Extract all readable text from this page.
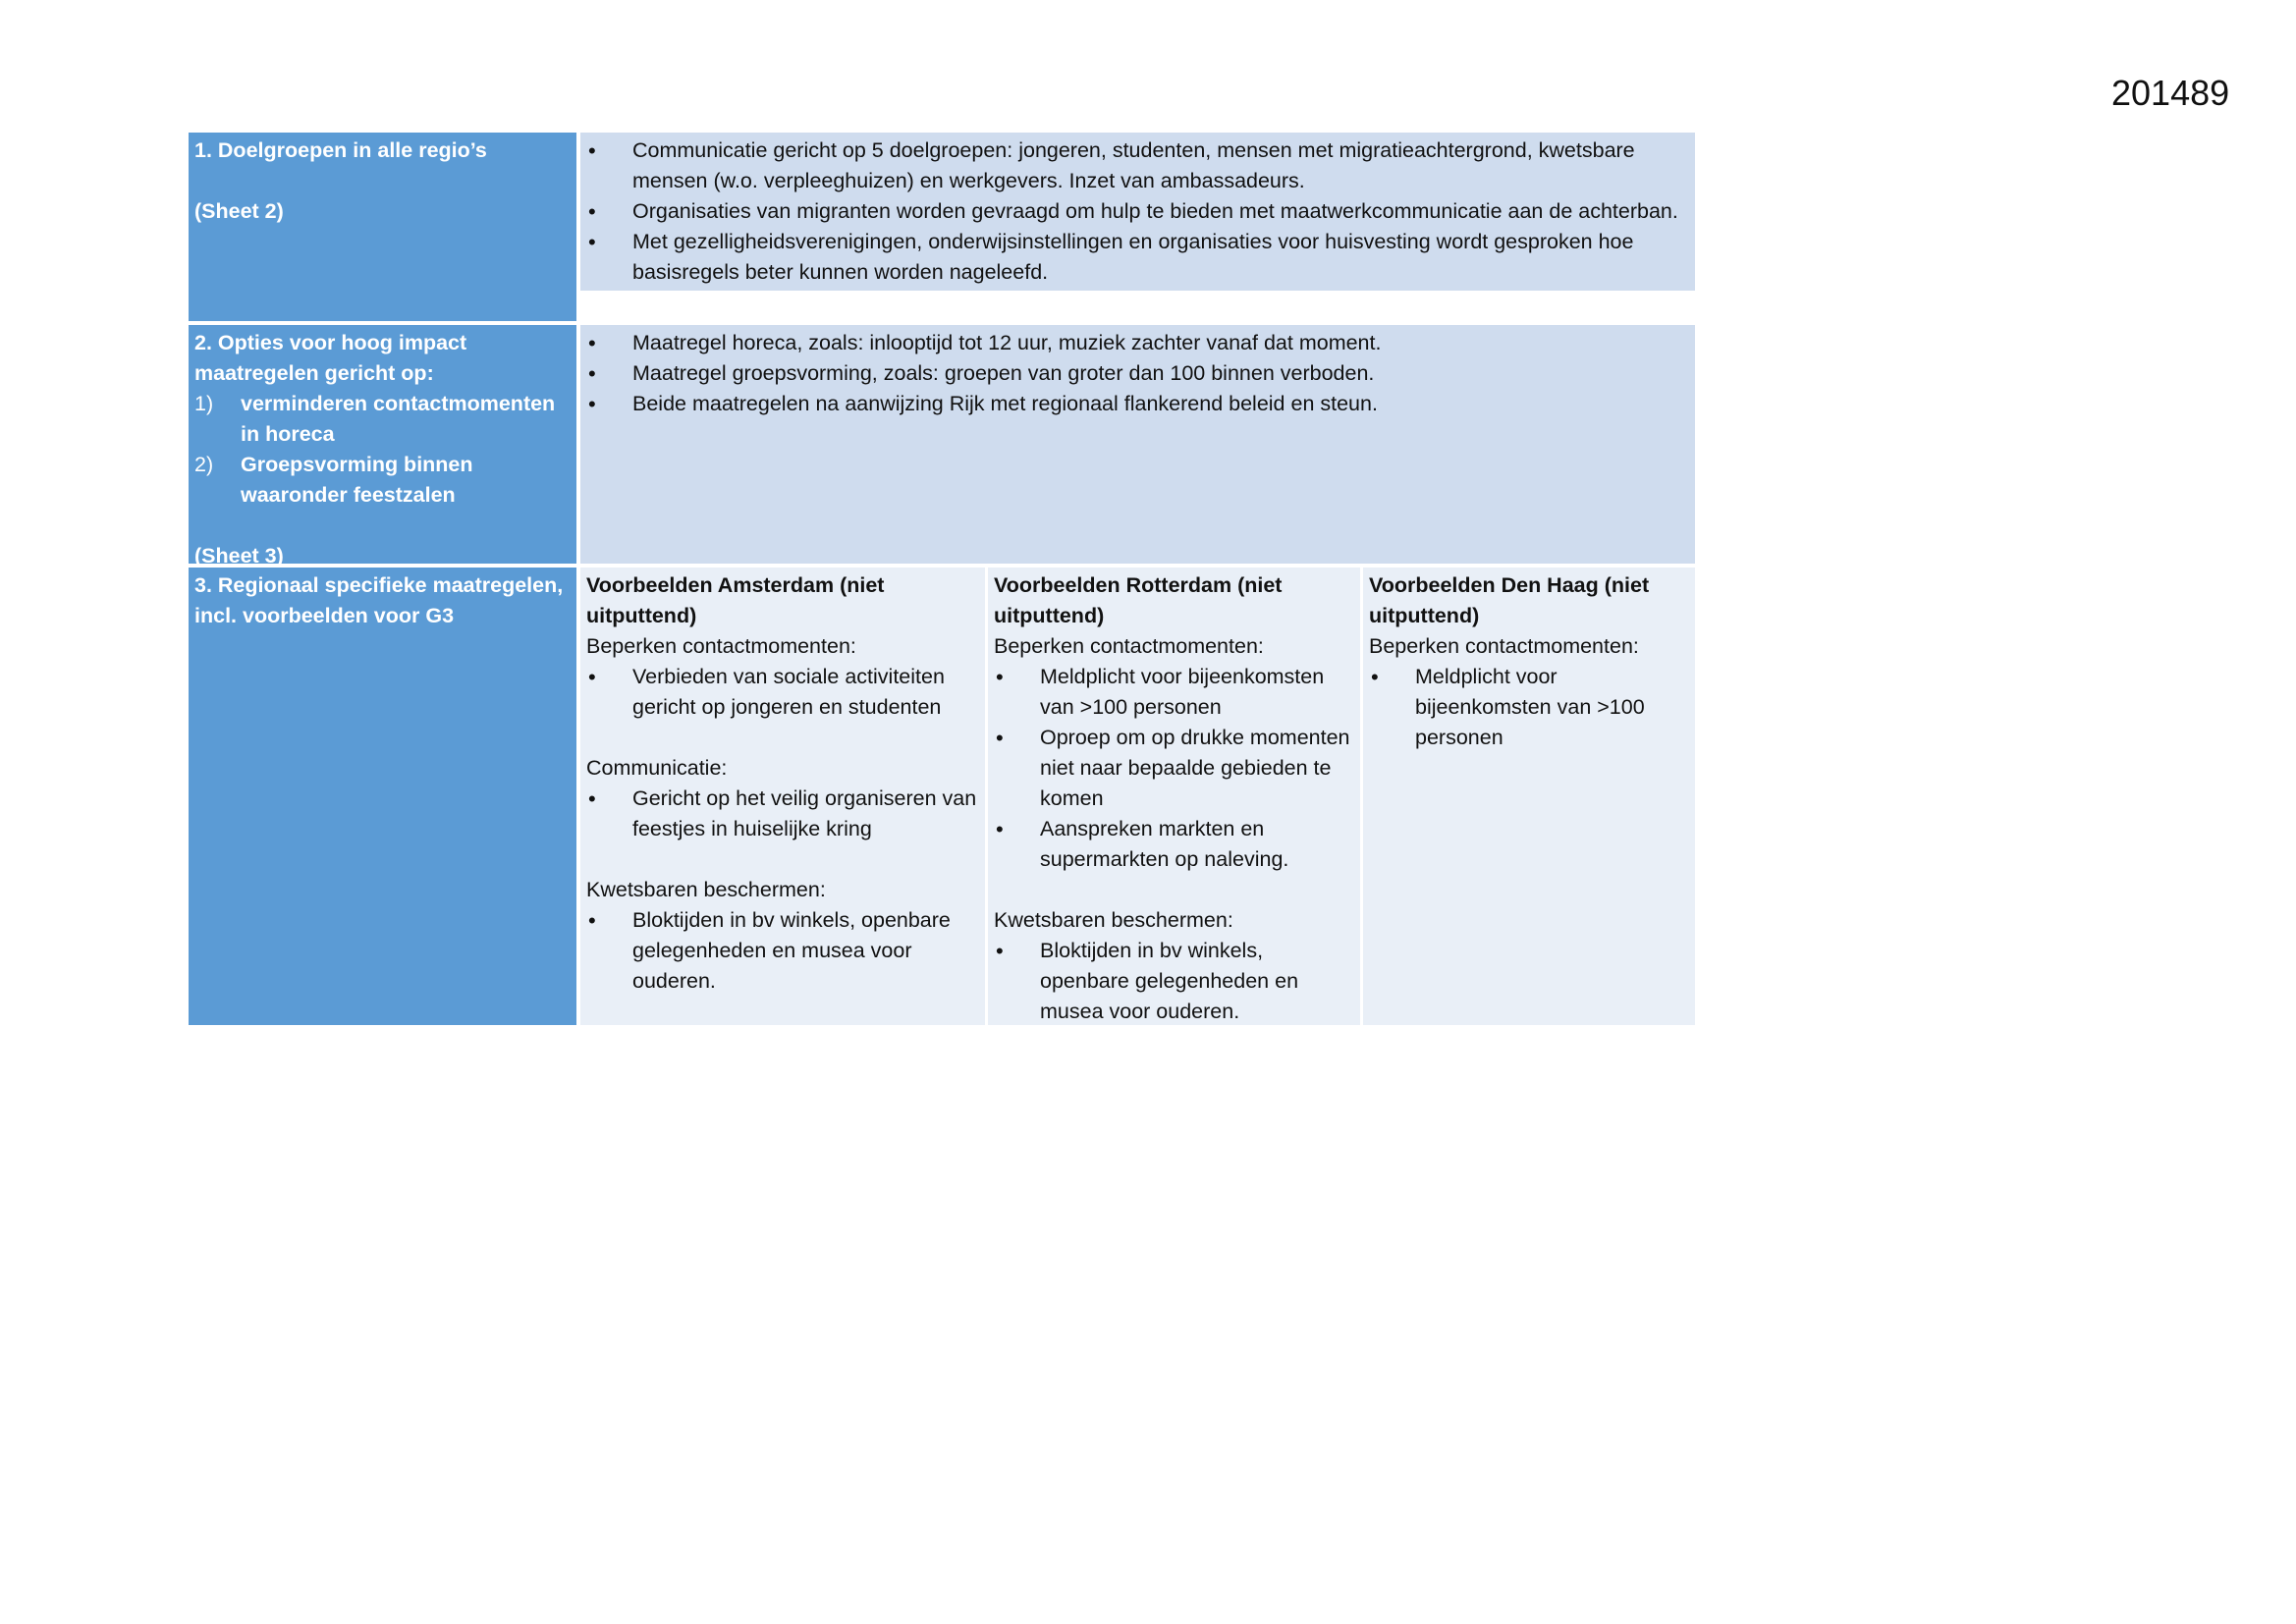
201489

1. Doelgroepen in alle regio’s

(Sheet 2)

• Communicatie gericht op 5 doelgroepen: jongeren, studenten, mensen met migratieachtergrond, kwetsbare mensen (w.o. verpleeghuizen) en werkgevers. Inzet van ambassadeurs.
• Organisaties van migranten worden gevraagd om hulp te bieden met maatwerkcommunicatie aan de achterban.
• Met gezelligheidsverenigingen, onderwijsinstellingen en organisaties voor huisvesting wordt gesproken hoe basisregels beter kunnen worden nageleefd.

2. Opties voor hoog impact maatregelen gericht op:

1) verminderen contactmomenten in horeca
2) Groepsvorming binnen waaronder feestzalen

(Sheet 3)

• Maatregel horeca, zoals: inlooptijd tot 12 uur, muziek zachter vanaf dat moment.
• Maatregel groepsvorming, zoals: groepen van groter dan 100 binnen verboden.
• Beide maatregelen na aanwijzing Rijk met regionaal flankerend beleid en steun.

3. Regionaal specifieke maatregelen, incl. voorbeelden voor G3

Voorbeelden Amsterdam (niet uitputtend)

Beperken contactmomenten:

• Verbieden van sociale activiteiten gericht op jongeren en studenten

Communicatie:

• Gericht op het veilig organiseren van feestjes in huiselijke kring

Kwetsbaren beschermen:

• Bloktijden in bv winkels, openbare gelegenheden en musea voor ouderen.

Voorbeelden Rotterdam (niet uitputtend)

Beperken contactmomenten:

• Meldplicht voor bijeenkomsten van >100 personen
• Oproep om op drukke momenten niet naar bepaalde gebieden te komen
• Aanspreken markten en supermarkten op naleving.

Kwetsbaren beschermen:

• Bloktijden in bv winkels, openbare gelegenheden en musea voor ouderen.

Voorbeelden Den Haag (niet uitputtend)

Beperken contactmomenten:

• Meldplicht voor bijeenkomsten van >100 personen
